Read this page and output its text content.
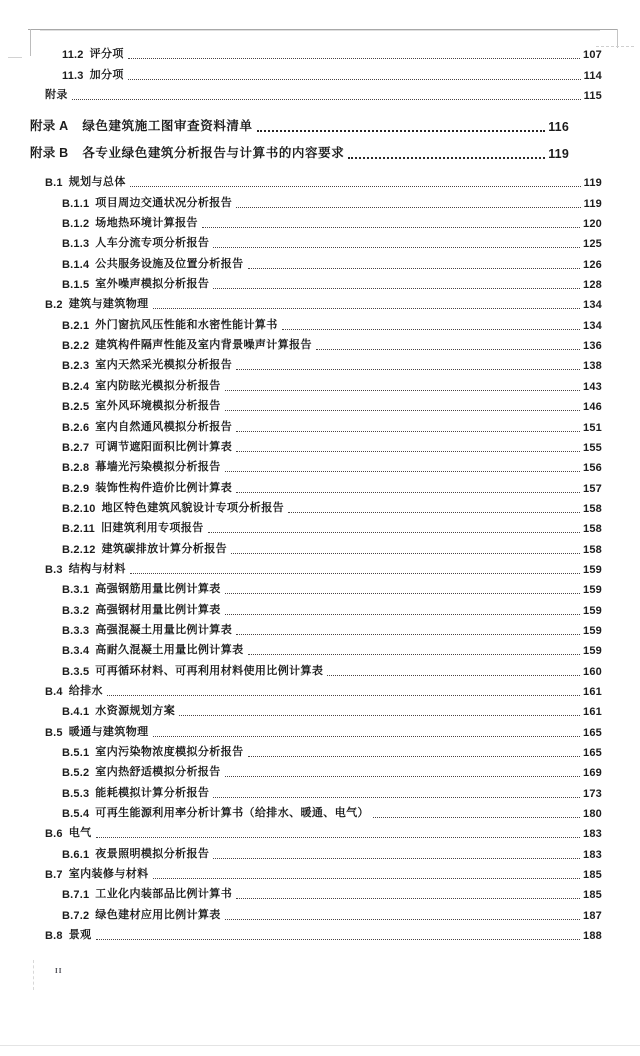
11.2 评分项	107
11.3 加分项	114
附录	115
附录 A 绿色建筑施工图审查资料清单	116
附录 B 各专业绿色建筑分析报告与计算书的内容要求	119
B.1 规划与总体	119
B.1.1 项目周边交通状况分析报告	119
B.1.2 场地热环境计算报告	120
B.1.3 人车分流专项分析报告	125
B.1.4 公共服务设施及位置分析报告	126
B.1.5 室外噪声模拟分析报告	128
B.2 建筑与建筑物理	134
B.2.1 外门窗抗风压性能和水密性能计算书	134
B.2.2 建筑构件隔声性能及室内背景噪声计算报告	136
B.2.3 室内天然采光模拟分析报告	138
B.2.4 室内防眩光模拟分析报告	143
B.2.5 室外风环境模拟分析报告	146
B.2.6 室内自然通风模拟分析报告	151
B.2.7 可调节遮阳面积比例计算表	155
B.2.8 幕墙光污染模拟分析报告	156
B.2.9 装饰性构件造价比例计算表	157
B.2.10 地区特色建筑风貌设计专项分析报告	158
B.2.11 旧建筑利用专项报告	158
B.2.12 建筑碳排放计算分析报告	158
B.3 结构与材料	159
B.3.1 高强钢筋用量比例计算表	159
B.3.2 高强钢材用量比例计算表	159
B.3.3 高强混凝土用量比例计算表	159
B.3.4 高耐久混凝土用量比例计算表	159
B.3.5 可再循环材料、可再利用材料使用比例计算表	160
B.4 给排水	161
B.4.1 水资源规划方案	161
B.5 暖通与建筑物理	165
B.5.1 室内污染物浓度模拟分析报告	165
B.5.2 室内热舒适模拟分析报告	169
B.5.3 能耗模拟计算分析报告	173
B.5.4 可再生能源利用率分析计算书（给排水、暖通、电气）	180
B.6 电气	183
B.6.1 夜景照明模拟分析报告	183
B.7 室内装修与材料	185
B.7.1 工业化内装部品比例计算书	185
B.7.2 绿色建材应用比例计算表	187
B.8 景观	188
II
